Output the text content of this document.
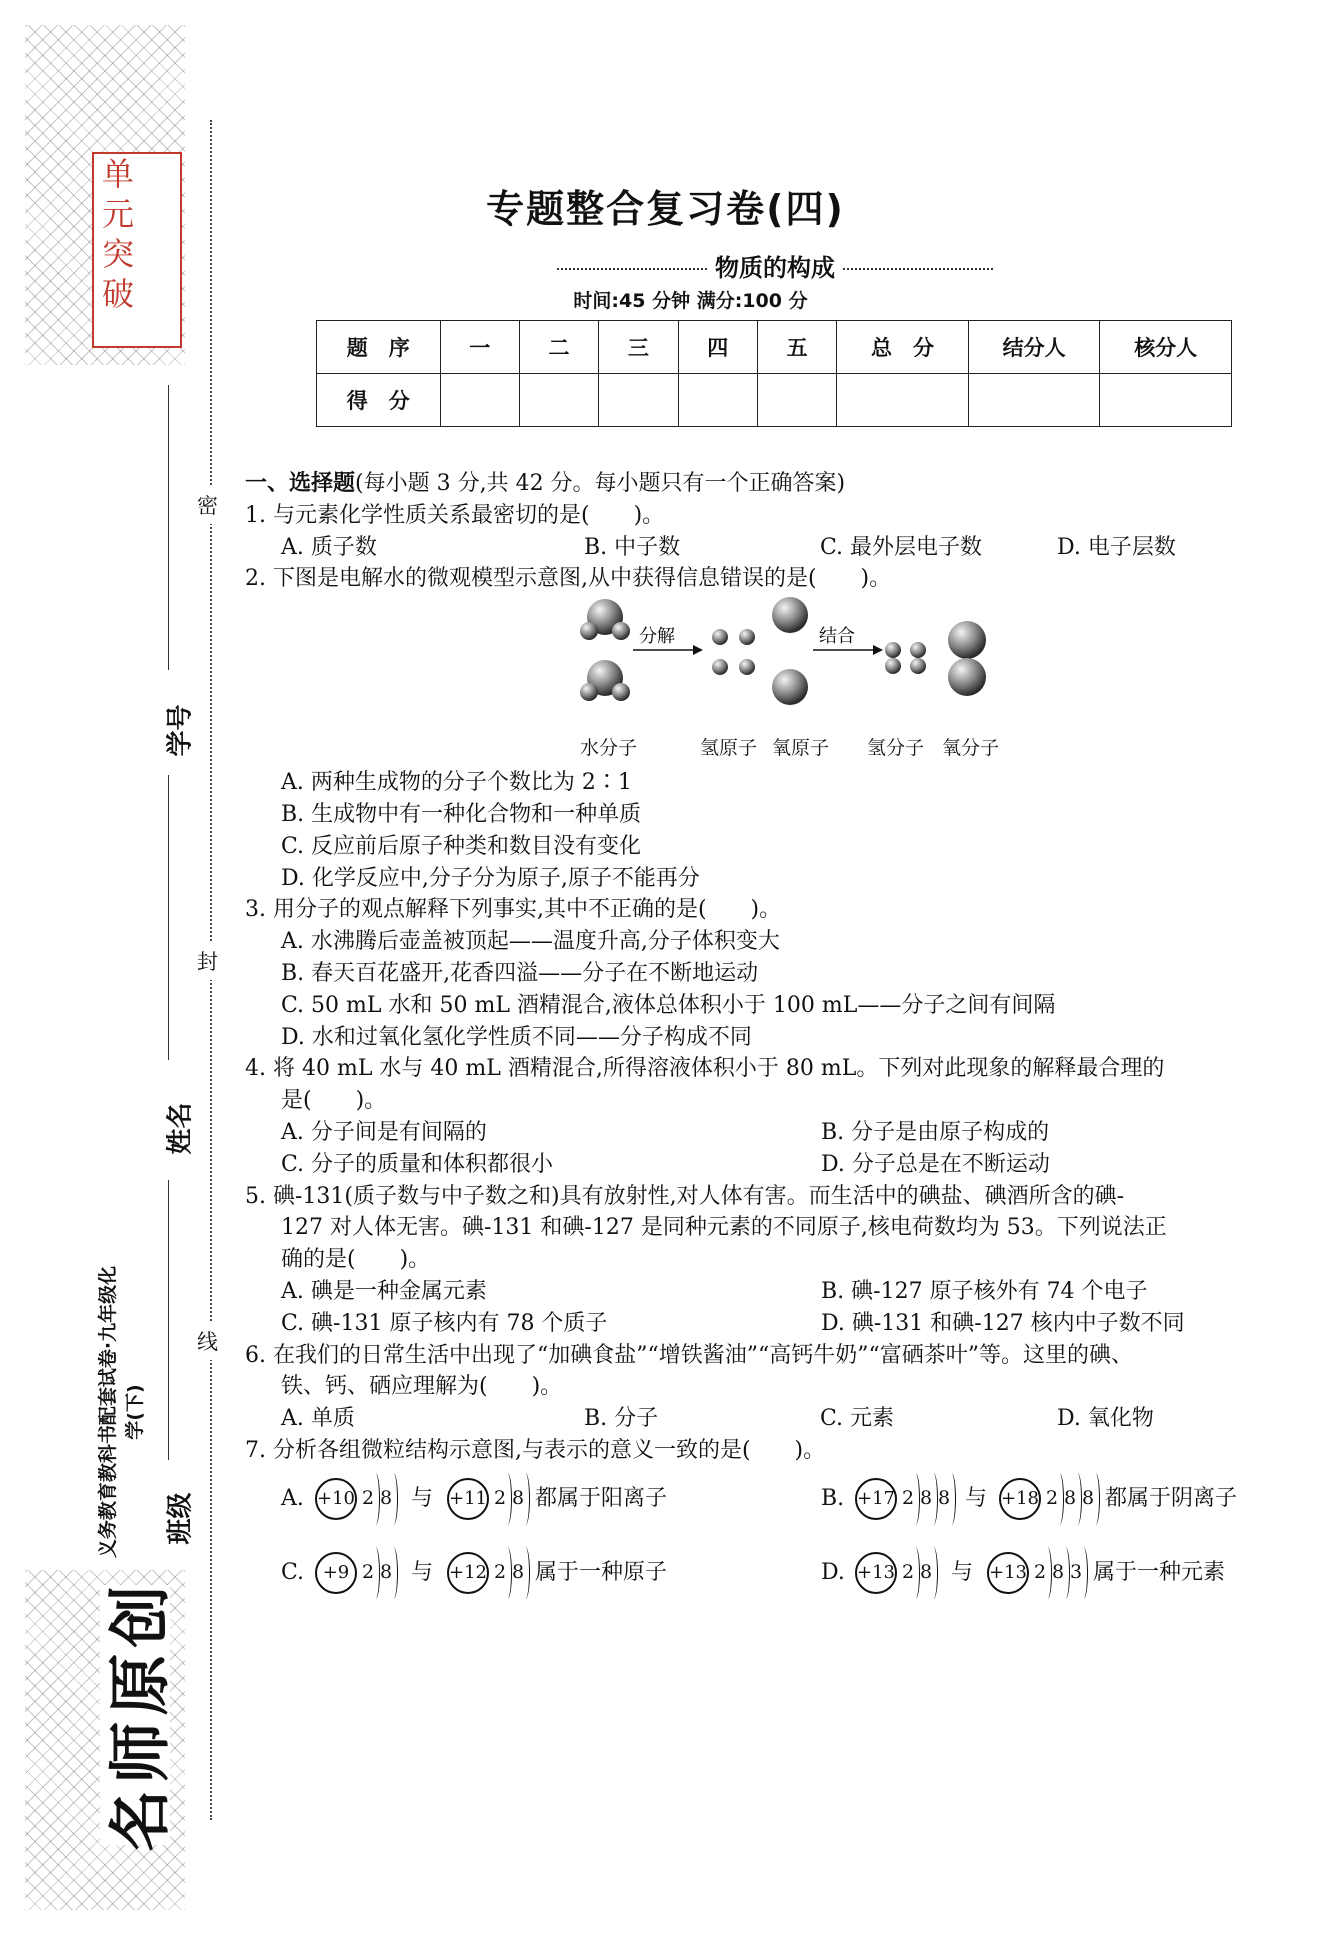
单
元
突
破
名师原创
义务教育教科书配套试卷·九年级化学(下)
学号
姓名
班级
密
封
线
专题整合复习卷(四)
物质的构成
时间:45 分钟 满分:100 分
题　序	一	二	三	四	五	总　分	结分人	核分人
得　分								
一、选择题(每小题 3 分,共 42 分。每小题只有一个正确答案)
1. 与元素化学性质关系最密切的是(　　)。
A. 质子数	B. 中子数	C. 最外层电子数	D. 电子层数
2. 下图是电解水的微观模型示意图,从中获得信息错误的是(　　)。
分解	结合
水分子	氢原子 氧原子 氢分子 氧分子
A. 两种生成物的分子个数比为 2∶1
B. 生成物中有一种化合物和一种单质
C. 反应前后原子种类和数目没有变化
D. 化学反应中,分子分为原子,原子不能再分
3. 用分子的观点解释下列事实,其中不正确的是(　　)。
A. 水沸腾后壶盖被顶起——温度升高,分子体积变大
B. 春天百花盛开,花香四溢——分子在不断地运动
C. 50 mL 水和 50 mL 酒精混合,液体总体积小于 100 mL——分子之间有间隔
D. 水和过氧化氢化学性质不同——分子构成不同
4. 将 40 mL 水与 40 mL 酒精混合,所得溶液体积小于 80 mL。下列对此现象的解释最合理的
是(　　)。
A. 分子间是有间隔的	B. 分子是由原子构成的
C. 分子的质量和体积都很小	D. 分子总是在不断运动
5. 碘-131(质子数与中子数之和)具有放射性,对人体有害。而生活中的碘盐、碘酒所含的碘-
127 对人体无害。碘-131 和碘-127 是同种元素的不同原子,核电荷数均为 53。下列说法正
确的是(　　)。
A. 碘是一种金属元素	B. 碘-127 原子核外有 74 个电子
C. 碘-131 原子核内有 78 个质子	D. 碘-131 和碘-127 核内中子数不同
6. 在我们的日常生活中出现了“加碘食盐”“增铁酱油”“高钙牛奶”“富硒茶叶”等。这里的碘、
铁、钙、硒应理解为(　　)。
A. 单质	B. 分子	C. 元素	D. 氧化物
7. 分析各组微粒结构示意图,与表示的意义一致的是(　　)。
A. +10 2 8 与 +11 2 8 都属于阳离子	B. +17 2 8 8 与 +18 2 8 8 都属于阴离子
C.	+9 2 8 与 +12 2 8 属于一种原子	D. +13 2 8 与 +13 2 8 3 属于一种元素
